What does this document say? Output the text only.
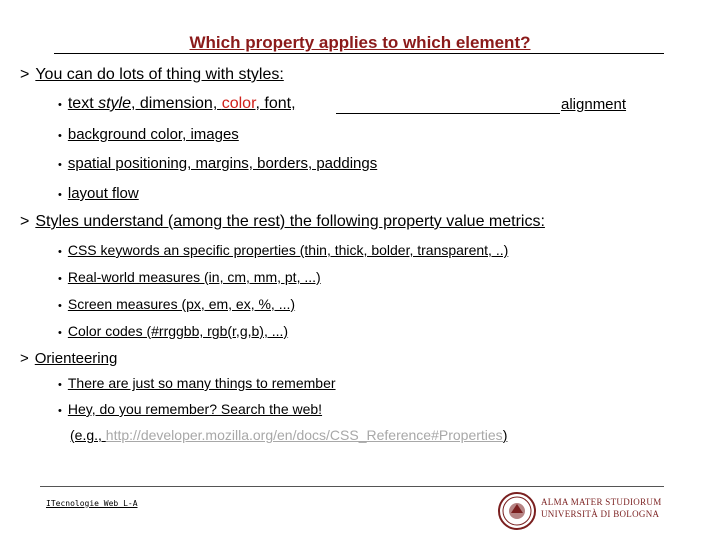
Which property applies to which element?
> You can do lots of thing with styles:
• text style, dimension, color, font,	alignment
• background color, images
• spatial positioning, margins, borders, paddings
• layout flow
> Styles understand (among the rest) the following property value metrics:
• CSS keywords an specific properties (thin, thick, bolder, transparent, ..)
• Real-world measures (in, cm, mm, pt, ...)
• Screen measures (px, em, ex, %, ...)
• Color codes (#rrggbb, rgb(r,g,b), ...)
> Orienteering
• There are just so many things to remember
• Hey, do you remember? Search the web!
(e.g., http://developer.mozilla.org/en/docs/CSS_Reference#Properties)
ITecnologie Web L-A	ALMA MATER STUDIORUM
UNIVERSITÀ DI BOLOGNA
